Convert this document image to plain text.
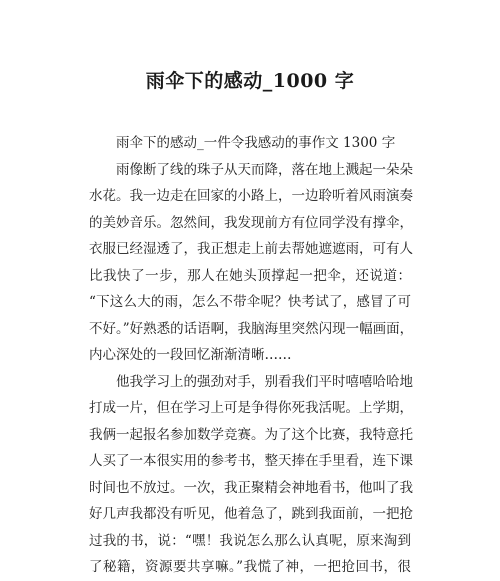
雨伞下的感动_1000 字
雨伞下的感动_一件令我感动的事作文 1300 字
雨像断了线的珠子从天而降，落在地上溅起一朵朵
水花。我一边走在回家的小路上，一边聆听着风雨演奏
的美妙音乐。忽然间，我发现前方有位同学没有撑伞，
衣服已经湿透了，我正想走上前去帮她遮遮雨，可有人
比我快了一步，那人在她头顶撑起一把伞，还说道：
“下这么大的雨，怎么不带伞呢？快考试了，感冒了可
不好。”好熟悉的话语啊，我脑海里突然闪现一幅画面，
内心深处的一段回忆渐渐清晰……
他我学习上的强劲对手，别看我们平时嘻嘻哈哈地
打成一片，但在学习上可是争得你死我活呢。上学期，
我俩一起报名参加数学竞赛。为了这个比赛，我特意托
人买了一本很实用的参考书，整天捧在手里看，连下课
时间也不放过。一次，我正聚精会神地看书，他叫了我
好几声我都没有听见，他着急了，跳到我面前，一把抢
过我的书，说：“嘿！我说怎么那么认真呢，原来淘到
了秘籍，资源要共享嘛。”我慌了神，一把抢回书，很
